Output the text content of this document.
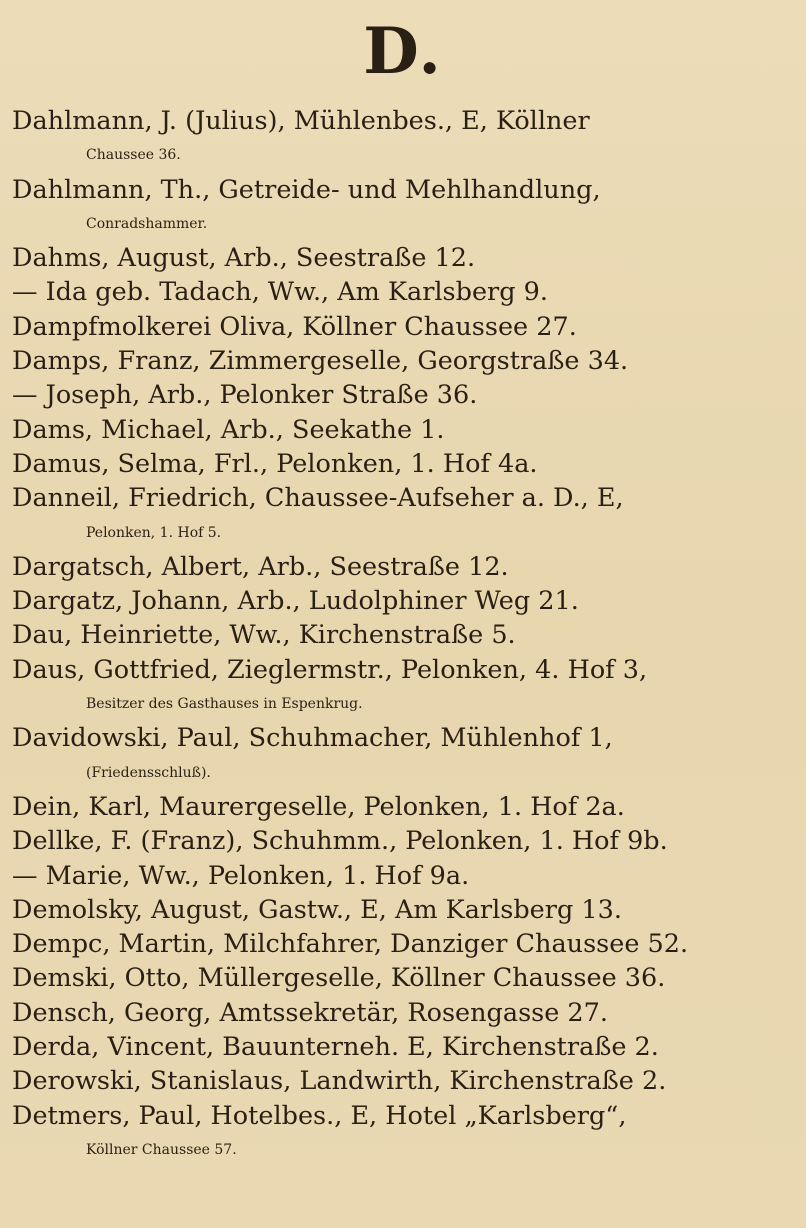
D.
Dahlmann, J. (Julius), Mühlenbes., E, Köllner
Chaussee 36.
Dahlmann, Th., Getreide- und Mehlhandlung,
Conradshammer.
Dahms, August, Arb., Seestraße 12.
— Ida geb. Tadach, Ww., Am Karlsberg 9.
Dampfmolkerei Oliva, Köllner Chaussee 27.
Damps, Franz, Zimmergeselle, Georgstraße 34.
— Joseph, Arb., Pelonker Straße 36.
Dams, Michael, Arb., Seekathe 1.
Damus, Selma, Frl., Pelonken, 1. Hof 4a.
Danneil, Friedrich, Chaussee-Aufseher a. D., E,
Pelonken, 1. Hof 5.
Dargatsch, Albert, Arb., Seestraße 12.
Dargatz, Johann, Arb., Ludolphiner Weg 21.
Dau, Heinriette, Ww., Kirchenstraße 5.
Daus, Gottfried, Zieglermstr., Pelonken, 4. Hof 3,
Besitzer des Gasthauses in Espenkrug.
Davidowski, Paul, Schuhmacher, Mühlenhof 1,
(Friedensschluß).
Dein, Karl, Maurergeselle, Pelonken, 1. Hof 2a.
Dellke, F. (Franz), Schuhmm., Pelonken, 1. Hof 9b.
— Marie, Ww., Pelonken, 1. Hof 9a.
Demolsky, August, Gastw., E, Am Karlsberg 13.
Dempc, Martin, Milchfahrer, Danziger Chaussee 52.
Demski, Otto, Müllergeselle, Köllner Chaussee 36.
Densch, Georg, Amtssekretär, Rosengasse 27.
Derda, Vincent, Bauunterneh. E, Kirchenstraße 2.
Derowski, Stanislaus, Landwirth, Kirchenstraße 2.
Detmers, Paul, Hotelbes., E, Hotel „Karlsberg“,
Köllner Chaussee 57.
